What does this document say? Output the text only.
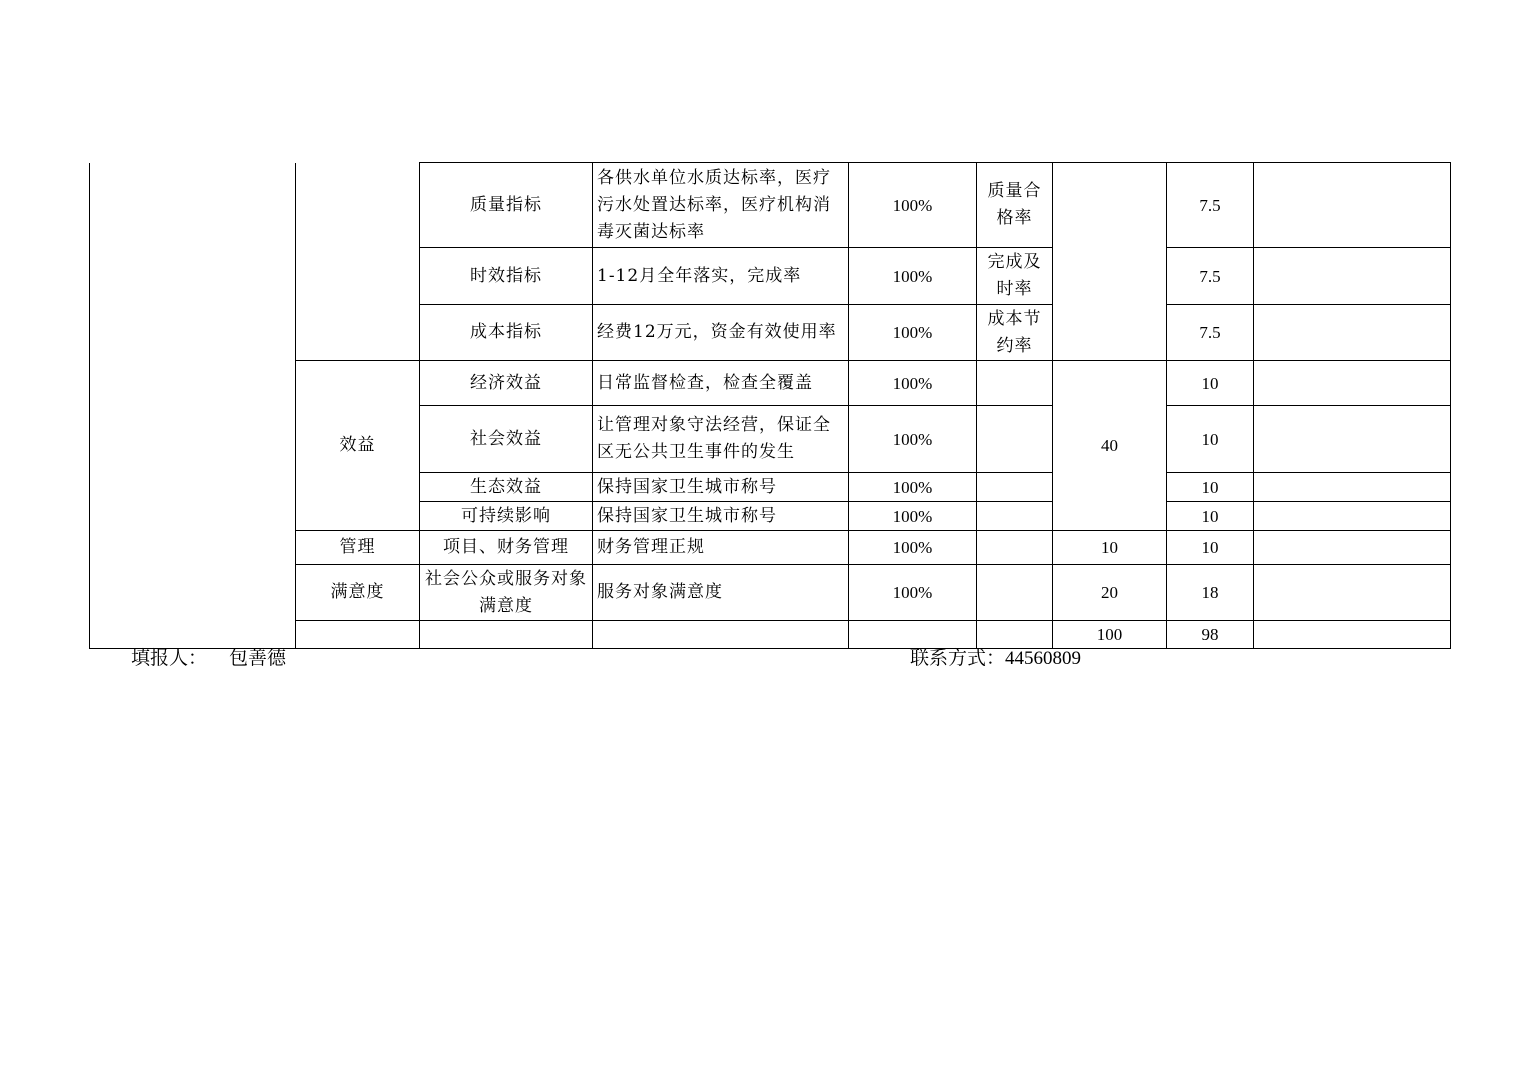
		质量指标	各供水单位水质达标率，医疗污水处置达标率，医疗机构消毒灭菌达标率	100%	质量合格率		7.5	
		时效指标	1-12月全年落实，完成率	100%	完成及时率		7.5	
		成本指标	经费12万元，资金有效使用率	100%	成本节约率		7.5	
	效益	经济效益	日常监督检查，检查全覆盖	100%		40	10	
		社会效益	让管理对象守法经营，保证全区无公共卫生事件的发生	100%			10	
		生态效益	保持国家卫生城市称号	100%			10	
		可持续影响	保持国家卫生城市称号	100%			10	
	管理	项目、财务管理	财务管理正规	100%		10	10	
	满意度	社会公众或服务对象满意度	服务对象满意度	100%		20	18	
						100	98	
填报人： 包善德	联系方式：44560809
